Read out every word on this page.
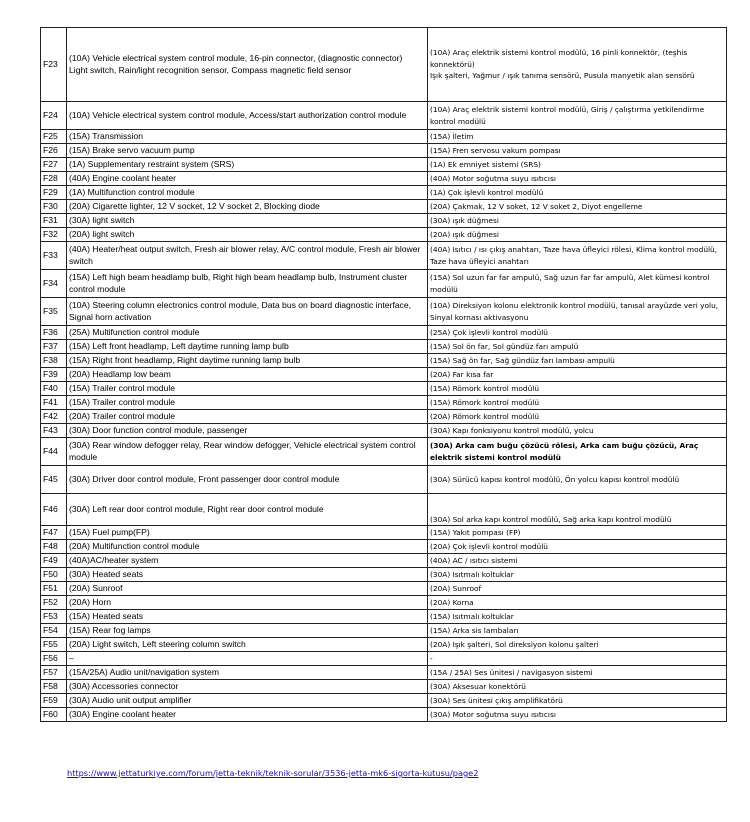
F23	(10A) Vehicle electrical system control module, 16-pin connector, (diagnostic connector)
Light switch, Rain/light recognition sensor, Compass magnetic field sensor	(10A) Araç elektrik sistemi kontrol modülü, 16 pinli konnektör, (teşhis konnektörü)
Işık şalteri, Yağmur / ışık tanıma sensörü, Pusula manyetik alan sensörü
F24	(10A) Vehicle electrical system control module, Access/start authorization control module	(10A) Araç elektrik sistemi kontrol modülü, Giriş / çalıştırma yetkilendirme kontrol modülü
F25	(15A) Transmission	(15A) İletim
F26	(15A) Brake servo vacuum pump	(15A) Fren servosu vakum pompası
F27	(1A) Supplementary restraint system (SRS)	(1A) Ek emniyet sistemi (SRS)
F28	(40A) Engine coolant heater	(40A) Motor soğutma suyu ısıtıcısı
F29	(1A) Multifunction control module	(1A) Çok işlevli kontrol modülü
F30	(20A) Cigarette lighter, 12 V socket, 12 V socket 2, Blocking diode	(20A) Çakmak, 12 V soket, 12 V soket 2, Diyot engelleme
F31	(30A) light switch	(30A) ışık düğmesi
F32	(20A) light switch	(20A) ışık düğmesi
F33	(40A) Heater/heat output switch, Fresh air blower relay, A/C control module, Fresh air blower switch	(40A) Isıtıcı / ısı çıkış anahtarı, Taze hava üfleyici rölesi, Klima kontrol modülü, Taze hava üfleyici anahtarı
F34	(15A) Left high beam headlamp bulb, Right high beam headlamp bulb, Instrument cluster control module	(15A) Sol uzun far far ampulü, Sağ uzun far far ampulü, Alet kümesi kontrol modülü
F35	(10A) Steering column electronics control module, Data bus on board diagnostic interface, Signal horn activation	(10A) Direksiyon kolonu elektronik kontrol modülü, tanısal arayüzde veri yolu, Sinyal kornası aktivasyonu
F36	(25A) Multifunction control module	(25A) Çok işlevli kontrol modülü
F37	(15A) Left front headlamp, Left daytime running lamp bulb	(15A) Sol ön far, Sol gündüz farı ampulü
F38	(15A) Right front headlamp, Right daytime running lamp bulb	(15A) Sağ ön far, Sağ gündüz farı lambası ampulü
F39	(20A) Headlamp low beam	(20A) Far kısa far
F40	(15A) Trailer control module	(15A) Römork kontrol modülü
F41	(15A) Trailer control module	(15A) Römork kontrol modülü
F42	(20A) Trailer control module	(20A) Römork kontrol modülü
F43	(30A) Door function control module, passenger	(30A) Kapı fonksiyonu kontrol modülü, yolcu
F44	(30A) Rear window defogger relay, Rear window defogger, Vehicle electrical system control module	(30A) Arka cam buğu çözücü rölesi, Arka cam buğu çözücü, Araç elektrik sistemi kontrol modülü
F45	(30A) Driver door control module, Front passenger door control module	(30A) Sürücü kapısı kontrol modülü, Ön yolcu kapısı kontrol modülü
F46	(30A) Left rear door control module, Right rear door control module	(30A) Sol arka kapı kontrol modülü, Sağ arka kapı kontrol modülü
F47	(15A) Fuel pump(FP)	(15A) Yakıt pompası (FP)
F48	(20A) Multifunction control module	(20A) Çok işlevli kontrol modülü
F49	(40A)AC/heater system	(40A) AC / ısıtıcı sistemi
F50	(30A) Heated seats	(30A) Isıtmalı koltuklar
F51	(20A) Sunroof	(20A) Sunroof
F52	(20A) Horn	(20A) Korna
F53	(15A) Heated seats	(15A) Isıtmalı koltuklar
F54	(15A) Rear fog lamps	(15A) Arka sis lambaları
F55	(20A) Light switch, Left steering column switch	(20A) Işık şalteri, Sol direksiyon kolonu şalteri
F56	–	-
F57	(15A/25A) Audio unit/navigation system	(15A / 25A) Ses ünitesi / navigasyon sistemi
F58	(30A) Accessories connector	(30A) Aksesuar konektörü
F59	(30A) Audio unit output amplifier	(30A) Ses ünitesi çıkış amplifikatörü
F60	(30A) Engine coolant heater	(30A) Motor soğutma suyu ısıtıcısı
https://www.jettaturkiye.com/forum/jetta-teknik/teknik-sorular/3536-jetta-mk6-sigorta-kutusu/page2
